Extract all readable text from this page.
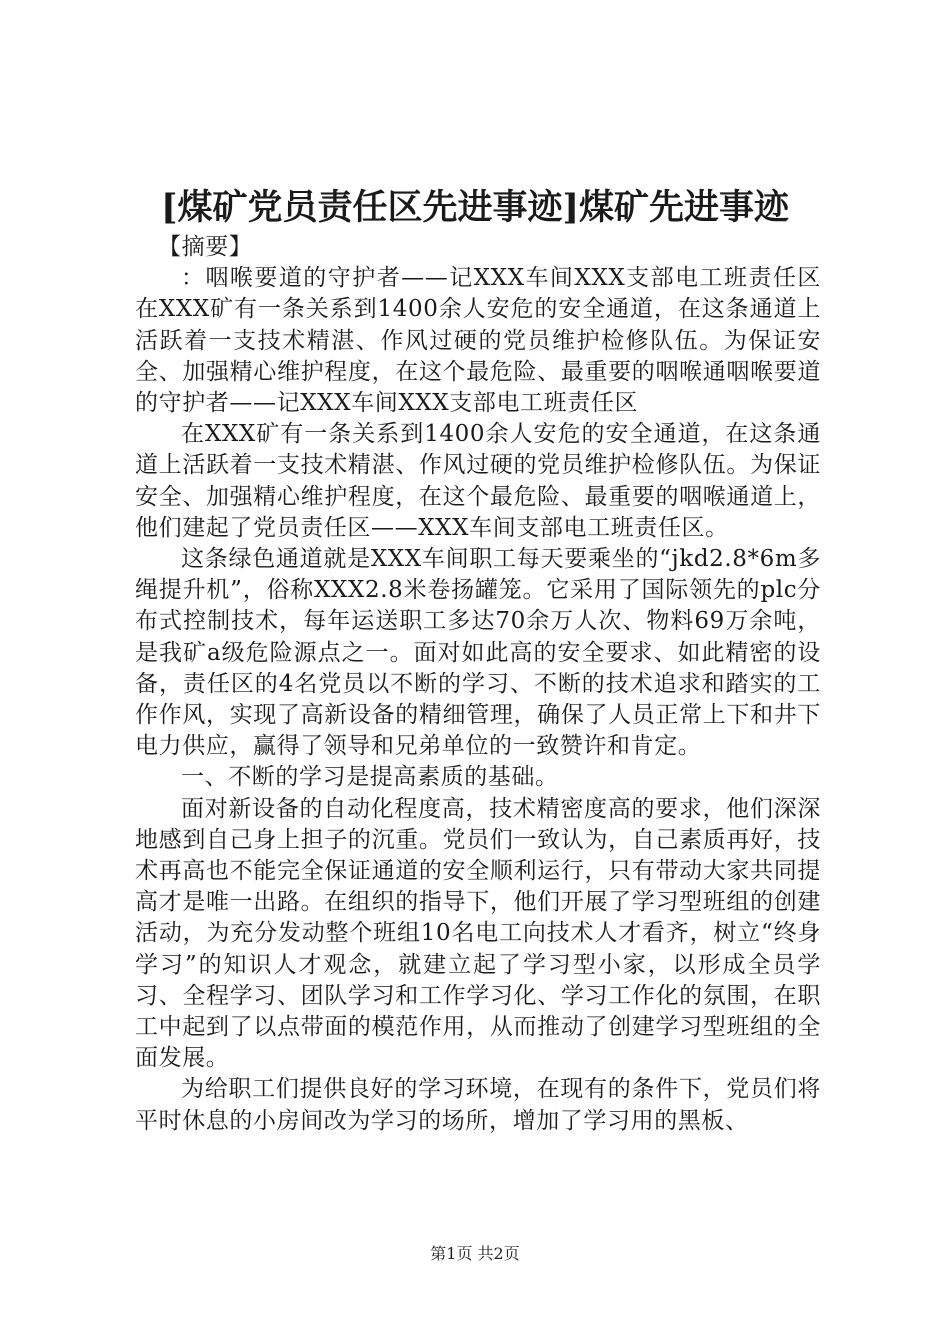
[煤矿党员责任区先进事迹]煤矿先进事迹

【摘要】

：咽喉要道的守护者——记XXX车间XXX支部电工班责任区在XXX矿有一条关系到1400余人安危的安全通道，在这条通道上活跃着一支技术精湛、作风过硬的党员维护检修队伍。为保证安全、加强精心维护程度，在这个最危险、最重要的咽喉通咽喉要道的守护者——记XXX车间XXX支部电工班责任区

在XXX矿有一条关系到1400余人安危的安全通道，在这条通道上活跃着一支技术精湛、作风过硬的党员维护检修队伍。为保证安全、加强精心维护程度，在这个最危险、最重要的咽喉通道上，他们建起了党员责任区——XXX车间支部电工班责任区。

这条绿色通道就是XXX车间职工每天要乘坐的“jkd2.8*6m多绳提升机”，俗称XXX2.8米卷扬罐笼。它采用了国际领先的plc分布式控制技术，每年运送职工多达70余万人次、物料69万余吨，是我矿a级危险源点之一。面对如此高的安全要求、如此精密的设备，责任区的4名党员以不断的学习、不断的技术追求和踏实的工作作风，实现了高新设备的精细管理，确保了人员正常上下和井下电力供应，赢得了领导和兄弟单位的一致赞许和肯定。

一、不断的学习是提高素质的基础。

面对新设备的自动化程度高，技术精密度高的要求，他们深深地感到自己身上担子的沉重。党员们一致认为，自己素质再好，技术再高也不能完全保证通道的安全顺利运行，只有带动大家共同提高才是唯一出路。在组织的指导下，他们开展了学习型班组的创建活动，为充分发动整个班组10名电工向技术人才看齐，树立“终身学习”的知识人才观念，就建立起了学习型小家，以形成全员学习、全程学习、团队学习和工作学习化、学习工作化的氛围，在职工中起到了以点带面的模范作用，从而推动了创建学习型班组的全面发展。

为给职工们提供良好的学习环境，在现有的条件下，党员们将平时休息的小房间改为学习的场所，增加了学习用的黑板、

第1页 共2页
